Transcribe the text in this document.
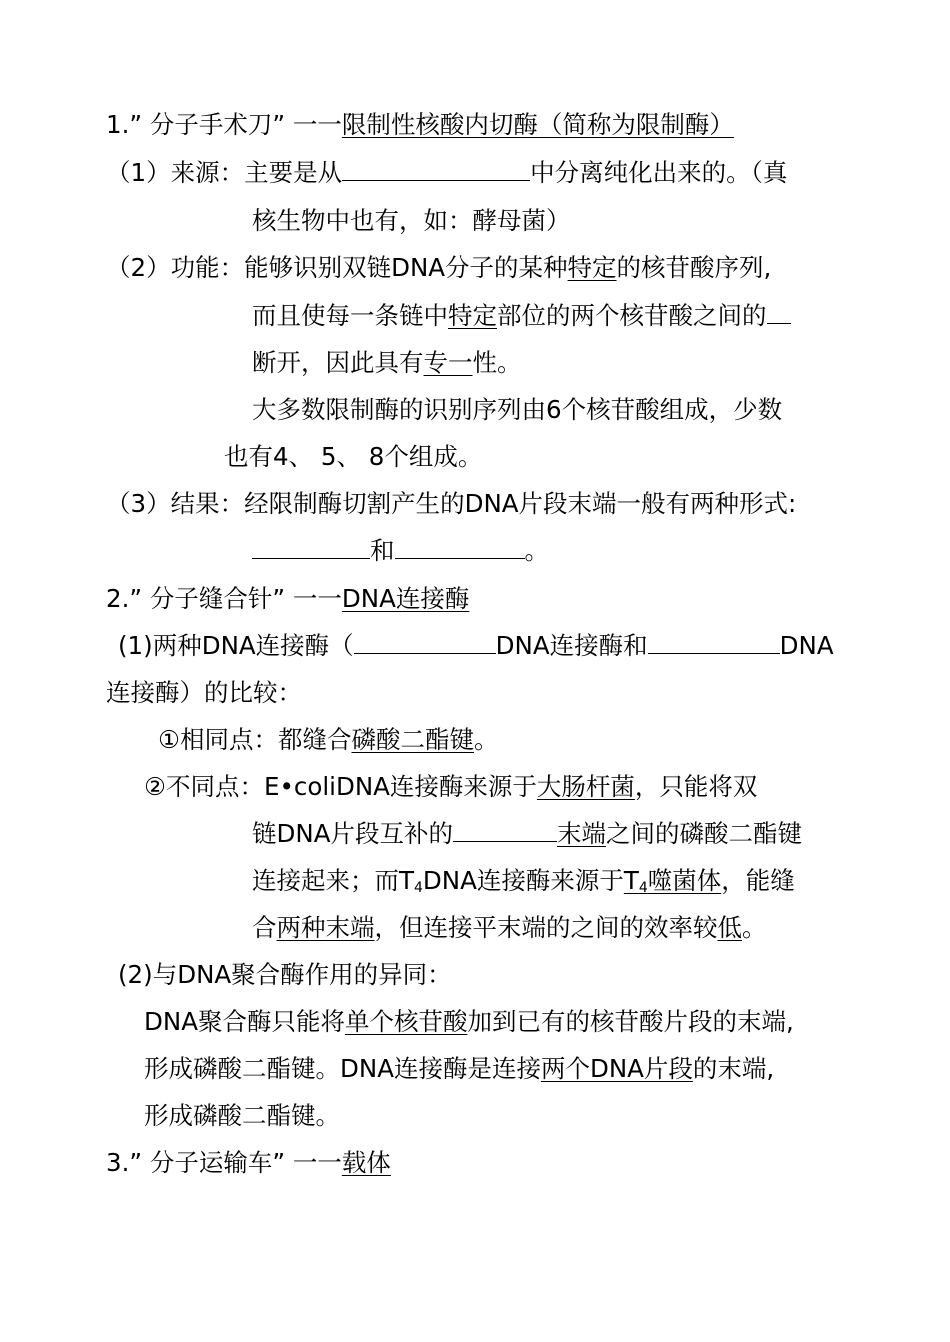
1.” 分子手术刀” 一一限制性核酸内切酶（简称为限制酶）
（1）来源：主要是从	中分离纯化出来的。（真
核生物中也有，如：酵母菌）
（2）功能：能够识别双链DNA分子的某种特定的核苷酸序列,
而且使每一条链中特定部位的两个核苷酸之间的
断开，因此具有专一性。
大多数限制酶的识别序列由6个核苷酸组成，少数
也有4、 5、 8个组成。
（3）结果：经限制酶切割产生的DNA片段末端一般有两种形式:
和	。
2.” 分子缝合针” 一一DNA连接酶
(1)两种DNA连接酶（	DNA连接酶和	DNA
连接酶）的比较：
①相同点：都缝合磷酸二酯键。
②不同点：E•coliDNA连接酶来源于大肠杆菌，只能将双
链DNA片段互补的	末端之间的磷酸二酯键
连接起来；而$T_4DNA$连接酶来源于$T_4$噬菌体，能缝
合两种末端，但连接平末端的之间的效率较低。
(2)与DNA聚合酶作用的异同：
DNA聚合酶只能将单个核苷酸加到已有的核苷酸片段的末端,
形成磷酸二酯键。DNA连接酶是连接两个DNA片段的末端,
形成磷酸二酯键。
3.” 分子运输车” 一一载体
